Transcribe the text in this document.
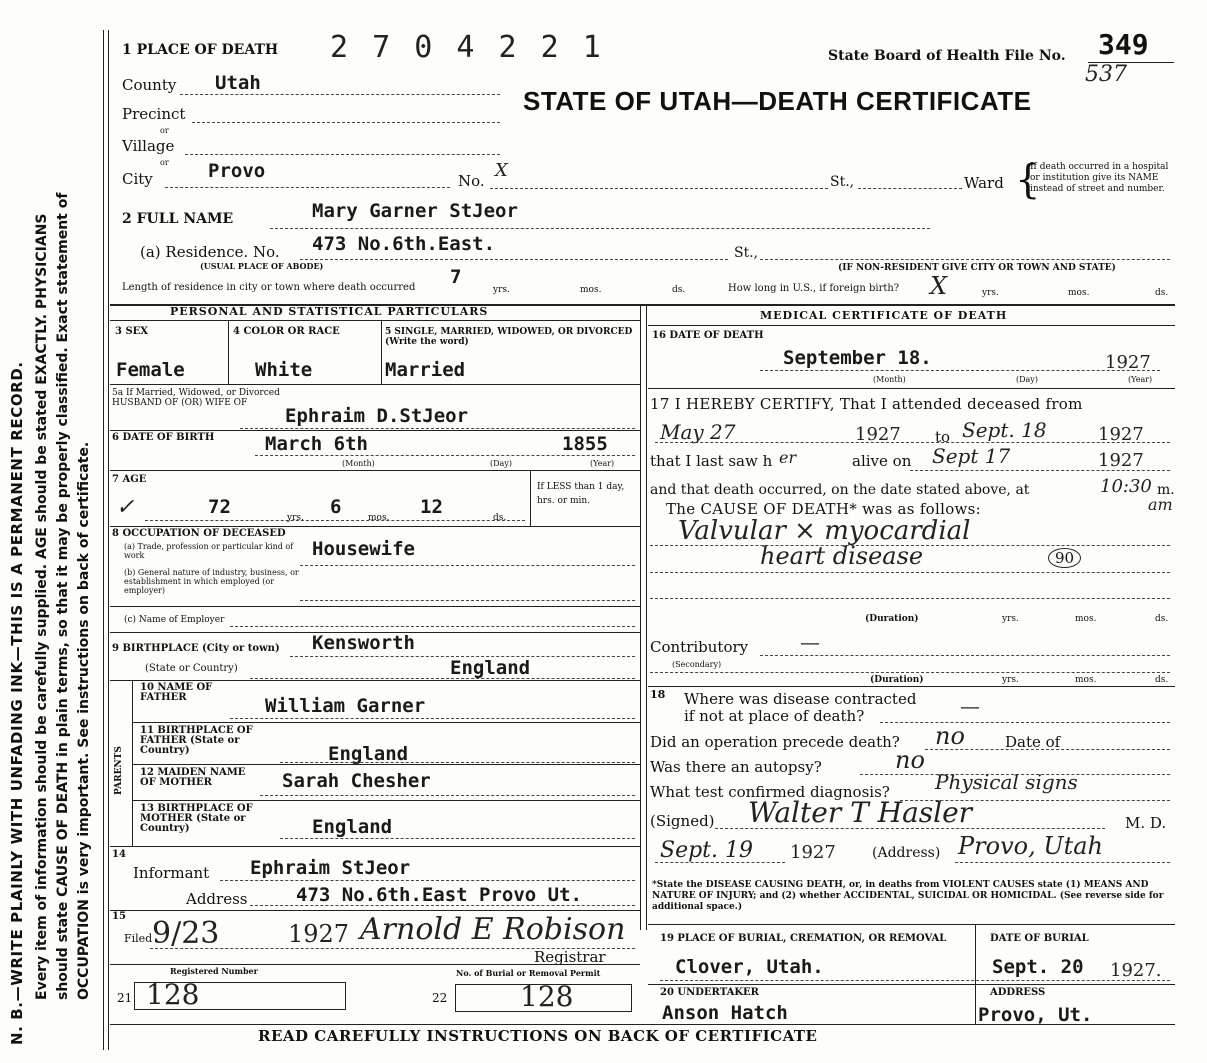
N. B.—WRITE PLAINLY WITH UNFADING INK—THIS IS A PERMANENT RECORD. Every item of information should be carefully supplied. AGE should be stated EXACTLY. PHYSICIANS should state CAUSE OF DEATH in plain terms, so that it may be properly classified. Exact statement of OCCUPATION is very important. See instructions on back of certificate.
1 PLACE OF DEATH 2 7 0 4 2 2 1	State Board of Health File No. 349
537
STATE OF UTAH—DEATH CERTIFICATE
County Utah
Precinct
or
Village
or
City	Provo	No. X
St.,	Ward {
If death occurred in a hospital or institution give its NAME instead of street and number.
2 FULL NAME	Mary Garner StJeor
(a) Residence. No. 473 No.6th.East.	St.,
(USUAL PLACE OF ABODE)	(IF NON-RESIDENT GIVE CITY OR TOWN AND STATE)
Length of residence in city or town where death occurred 7
yrs.	mos.	ds.	How long in U.S., if foreign birth? X	yrs.	mos.	ds.
PERSONAL AND STATISTICAL PARTICULARS	MEDICAL CERTIFICATE OF DEATH
3 SEX	4 COLOR OR RACE	5 SINGLE, MARRIED, WIDOWED, OR DIVORCED (Write the word)
Female	White	Married
5a If Married, Widowed, or Divorced HUSBAND OF (OR) WIFE OF
Ephraim D.StJeor
6 DATE OF BIRTH	March 6th	1855
(Month)	(Day)	(Year)
7 AGE
✓	72	6	12
yrs.	mos.	ds.
If LESS than 1 day, hrs. or min.
8 OCCUPATION OF DECEASED
(a) Trade, profession or particular kind of work
(b) General nature of industry, business, or establishment in which employed (or employer)
Housewife
(c) Name of Employer
9 BIRTHPLACE (City or town) Kensworth
(State or Country)	England
PARENTS
10 NAME OF FATHER	William Garner
11 BIRTHPLACE OF FATHER (State or Country)	England
12 MAIDEN NAME OF MOTHER	Sarah Chesher
13 BIRTHPLACE OF MOTHER (State or Country)	England
14
Informant Ephraim StJeor
Address	473 No.6th.East Provo Ut.
15
Filed 9/23	1927 Arnold E Robison
Registrar
Registered Number	No. of Burial or Removal Permit
21 128	22	128
16 DATE OF DEATH
September 18.	1927
(Month)	(Day)	(Year)
17 I HEREBY CERTIFY, That I attended deceased from
May 27	1927 to Sept. 18	1927
that I last saw h er	alive on Sept 17	1927
and that death occurred, on the date stated above, at	10:30 m.
am
The CAUSE OF DEATH* was as follows:
Valvular × myocardial
heart disease	90
(Duration)	yrs.	mos.	ds.
Contributory	—
(Secondary)
(Duration)	yrs.	mos.	ds.
18 Where was disease contracted
if not at place of death?	—
Did an operation precede death? no	Date of
Was there an autopsy?	no
What test confirmed diagnosis? Physical signs
(Signed) Walter T Hasler	M. D.
Sept. 19 1927	(Address) Provo, Utah
*State the DISEASE CAUSING DEATH, or, in deaths from VIOLENT CAUSES state (1) MEANS AND NATURE OF INJURY; and (2) whether ACCIDENTAL, SUICIDAL OR HOMICIDAL. (See reverse side for additional space.)
19 PLACE OF BURIAL, CREMATION, OR REMOVAL
Clover, Utah.
DATE OF BURIAL
Sept. 20 1927.
20 UNDERTAKER
Anson Hatch
ADDRESS
Provo, Ut.
READ CAREFULLY INSTRUCTIONS ON BACK OF CERTIFICATE
